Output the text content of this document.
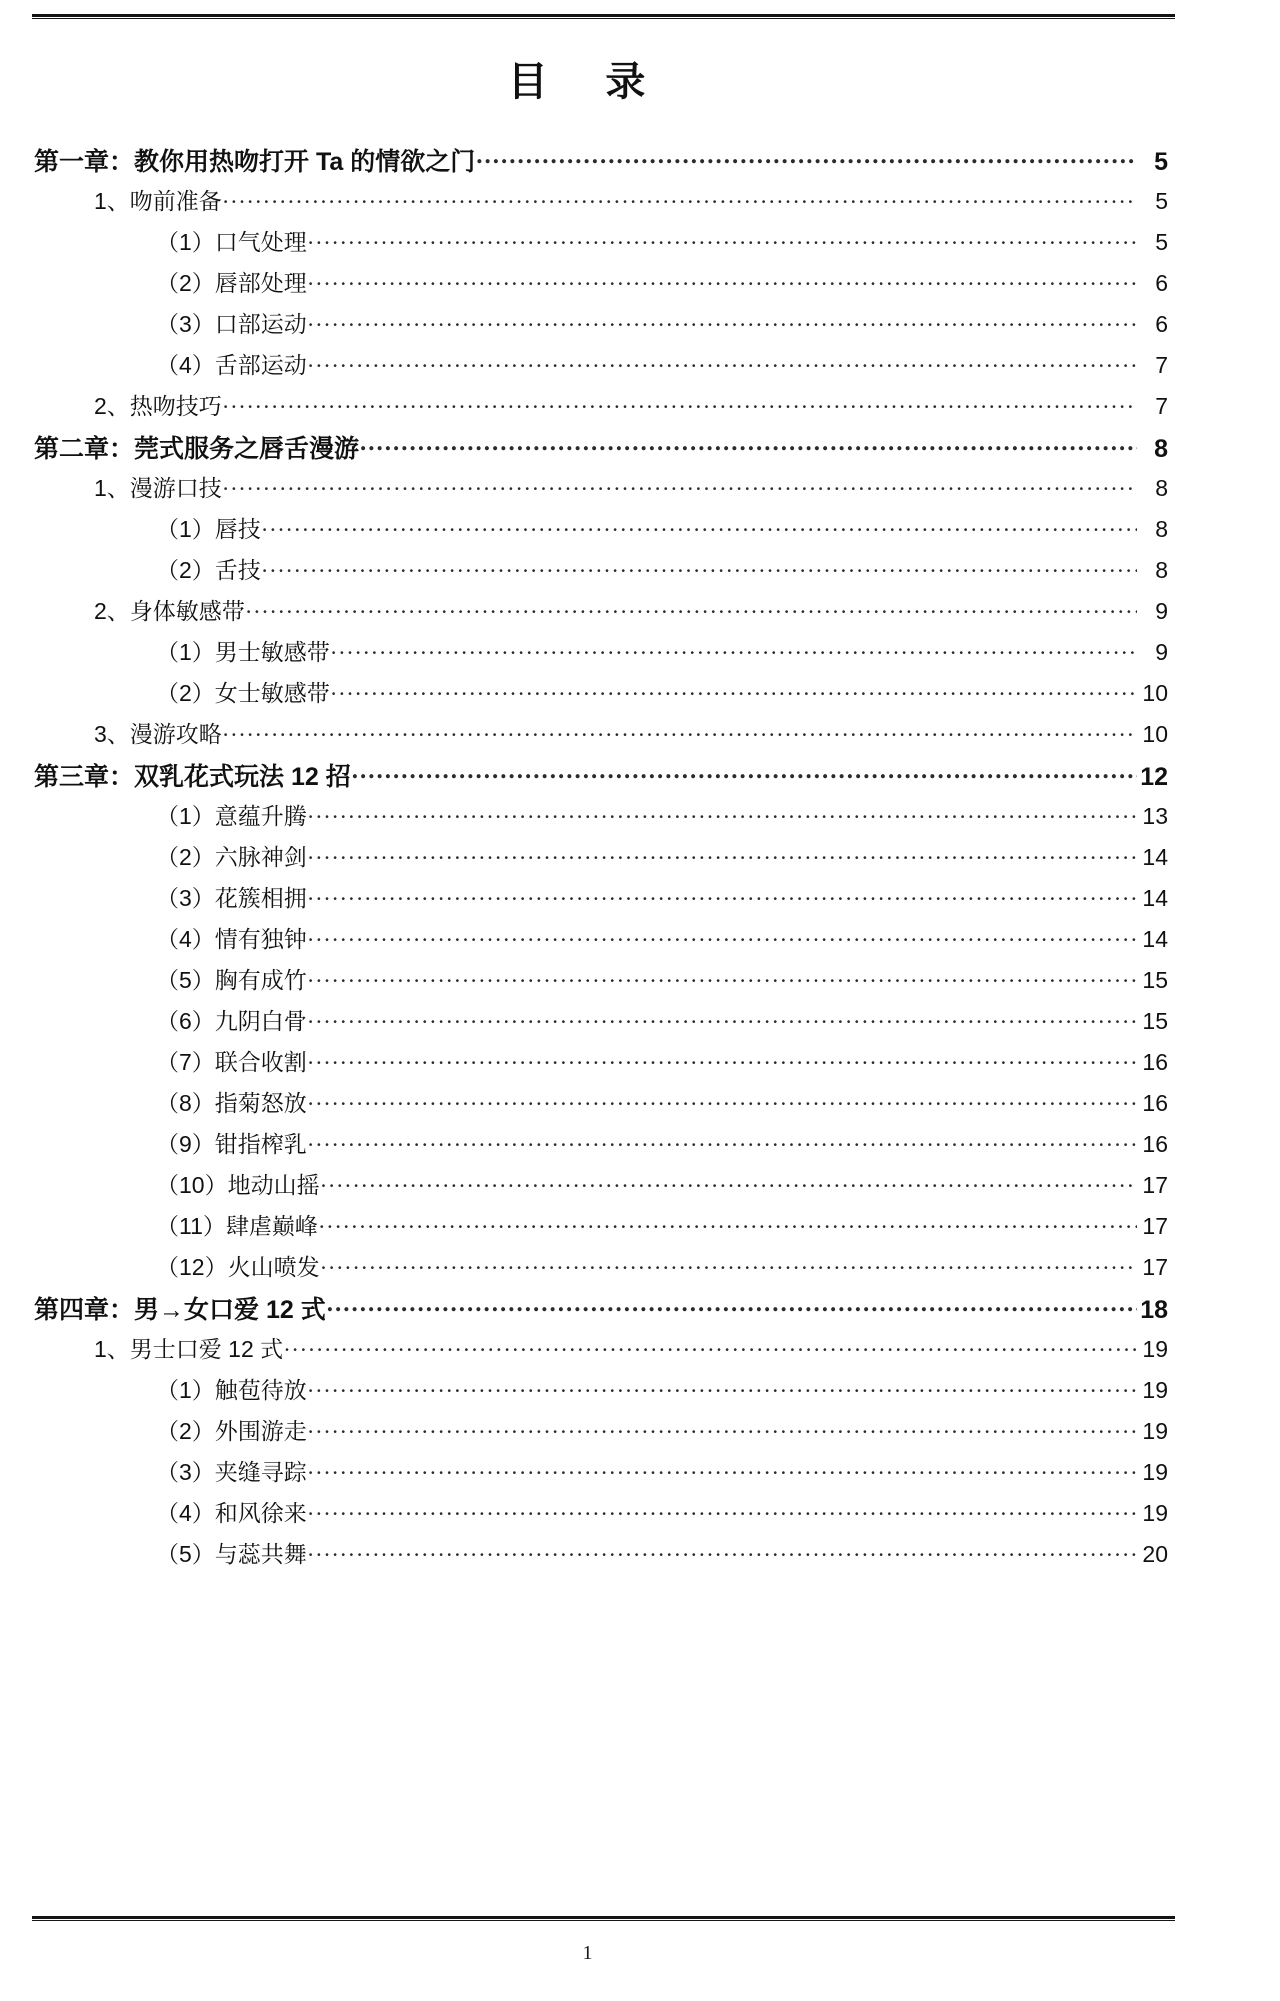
目　录
第一章：教你用热吻打开 Ta 的情欲之门 .....	5
1、吻前准备 .....	5
（1）口气处理 .....	5
（2）唇部处理 .....	6
（3）口部运动 .....	6
（4）舌部运动 .....	7
2、热吻技巧 .....	7
第二章：莞式服务之唇舌漫游 .....	8
1、漫游口技 .....	8
（1）唇技 .....	8
（2）舌技 .....	8
2、身体敏感带 .....	9
（1）男士敏感带 .....	9
（2）女士敏感带 .....	10
3、漫游攻略 .....	10
第三章：双乳花式玩法 12 招 .....	12
（1）意蕴升腾 .....	13
（2）六脉神剑 .....	14
（3）花簇相拥 .....	14
（4）情有独钟 .....	14
（5）胸有成竹 .....	15
（6）九阴白骨 .....	15
（7）联合收割 .....	16
（8）指菊怒放 .....	16
（9）钳指榨乳 .....	16
（10）地动山摇 .....	17
（11）肆虐巅峰 .....	17
（12）火山喷发 .....	17
第四章：男→女口爱 12 式 .....	18
1、男士口爱 12 式 .....	19
（1）触苞待放 .....	19
（2）外围游走 .....	19
（3）夹缝寻踪 .....	19
（4）和风徐来 .....	19
（5）与蕊共舞 .....	20
1
